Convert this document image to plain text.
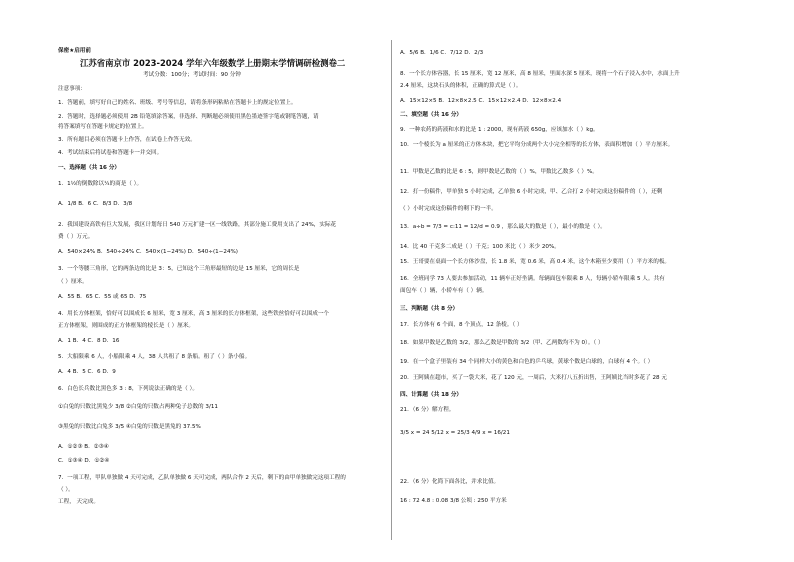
保密★启用前
江苏省南京市 2023-2024 学年六年级数学上册期末学情调研检测卷二
考试分数：100分；考试时间：90 分钟
注意事项：
1．答题前，填写好自己的姓名、班级、考号等信息，请将条形码粘贴在答题卡上的规定位置上。
2．答题时，选择题必须使用 2B 铅笔填涂答案，非选择、判断题必须使用黑色墨迹签字笔或钢笔答题，请
将答案填写在答题卡规定的位置上。
3．所有题目必须在答题卡上作答，在试卷上作答无效。
4．考试结束后将试卷和答题卡一并交回。
一、选择题（共 16 分）
1．1½的倒数除以¼的商是（ ）。
A．1/8 B．6 C．8/3 D．3/8
2．我国建设高铁有巨大发展，我区计划每日 540 万元扩建一区一线铁路，其部分施工费用支出了 24%，实际花
费（ ）万元。
A．540×24% B．540÷24% C．540×(1−24%) D．540÷(1−24%)
3．一个等腰三角形，它的两条边的比是 3：5，已知这个三角形最短的边是 15 厘米，它的周长是
（ ）厘米。
A．55 B．65 C．55 或 65 D．75
4．用长方体框架，恰好可以围成长 6 厘米，宽 3 厘米，高 3 厘米的长方体框架，这些铁丝恰好可以围成一个
正方体框架，则围成的正方体框架的棱长是（ ）厘米。
A．1 B．4 C．8 D．16
5．大船限乘 6 人，小船限乘 4 人，38 人共租了 8 条船。租了（ ）条小船。
A．4 B．5 C．6 D．9
6．白色长兵数比黑色多 3 : 8，下列说法正确的是（ ）。
①白兔的只数比黑兔少 3/8 ②白兔的只数占两种兔子总数的 3/11
③黑兔的只数比白兔多 3/5 ④白兔的只数是黑兔的 37.5%
A．①②③ B．②③④
C．①③④ D．①②④
7．一项工程，甲队单独做 4 天可完成，乙队单独做 6 天可完成，两队合作 2 天后，剩下的由甲单独做完这项工程的
（ ）。
工程， 天完成。
A．5/6 B．1/6 C．7/12 D．2/3
8．一个长方体容器，长 15 厘米，宽 12 厘米，高 8 厘米，里面水深 5 厘米，现将一个石子浸入水中，水面上升
2.4 厘米，这块石头的体积，正确的算式是（ ）。
A．15×12×5 B．12×8×2.5 C．15×12×2.4 D．12×8×2.4
二、填空题（共 16 分）
9．一种农药的药液和水的比是 1 : 2000，现有药液 650g，应该加水（ ）kg。
10．一个棱长为 a 厘米的正方体木块，把它平均分成两个大小完全相等的长方体，表面积增加（ ）平方厘米。
11．甲数是乙数的比是 6 : 5，则甲数是乙数的（ ）%，甲数比乙数多（ ）%。
12．打一份稿件，甲单独 5 小时完成，乙单独 6 小时完成，甲、乙合打 2 小时完成这份稿件的（ ），还剩
（ ）小时完成这份稿件的剩下的一半。
13．a÷b = 7/3 = c:11 = 12/d = 0.9 ，那么最大的数是（ ），最小的数是（ ）。
14．比 40 千克多二成是（ ）千克；100 米比（ ）米少 20%。
15．王哥要在桌面一个长方体沙盘，长 1.8 米，宽 0.6 米，高 0.4 米，这个木箱至少要用（ ）平方米的板。
16．全班同学 73 人要去参加活动，11 辆车正好坐满。每辆面包车限乘 8 人，每辆小轿车限乘 5 人。共有
面包车（ ）辆，小轿车有（ ）辆。
三、判断题（共 8 分）
17．长方体有 6 个面，8 个顶点，12 条棱。（ ）
18．如果甲数是乙数的 3/2，那么乙数是甲数的 3/2（甲、乙两数均不为 0）。（ ）
19．在一个盒子里装有 34 个同样大小的黄色和白色的乒乓球，黄球个数是白球的，白球有 4 个。（ ）
20．王阿姨在超市，买了一袋大米，花了 120 元，一周后，大米打八五折出售，王阿姨比当时多花了 28 元
四、计算题（共 18 分）
21．（6 分）解方程。
3/5 x = 24 5/12 x = 25/3 4/9 x = 16/21
22．（6 分）化简下面各比，并求比值。
16 : 72 4.8 : 0.08 3/8 公顷 : 250 平方米
